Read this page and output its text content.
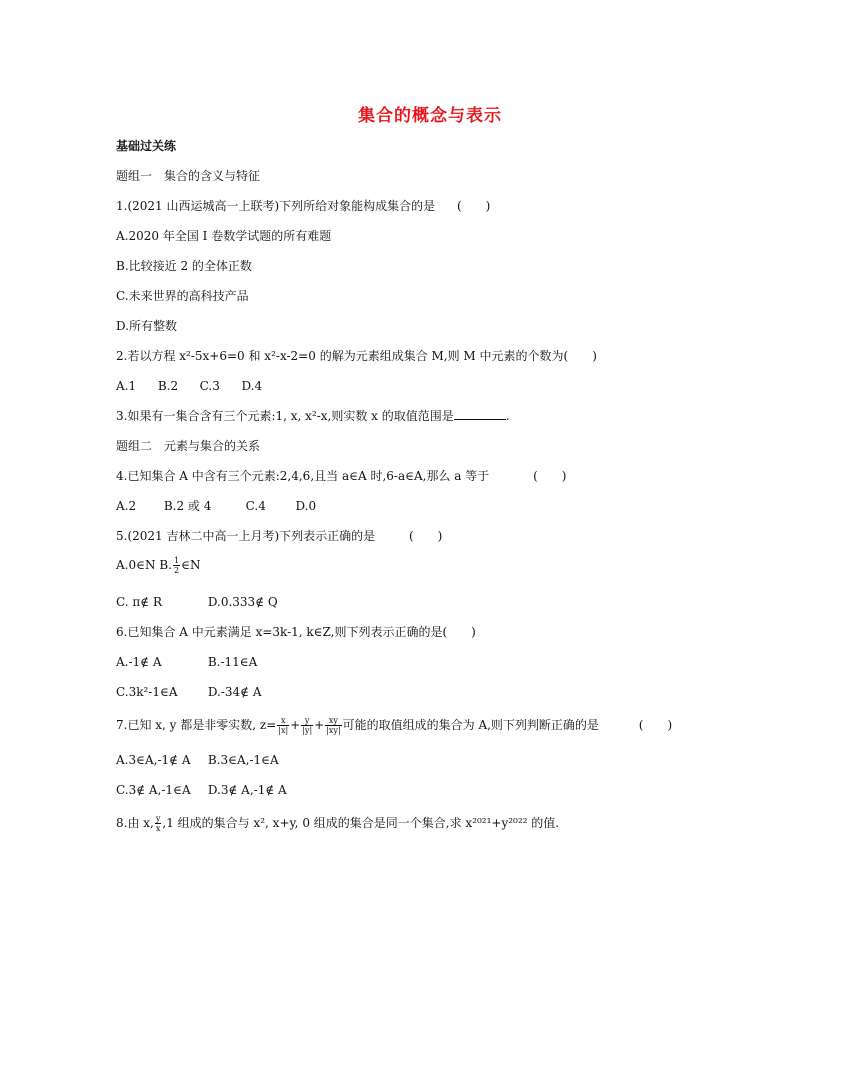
集合的概念与表示
基础过关练
题组一　集合的含义与特征
1.(2021 山西运城高一上联考)下列所给对象能构成集合的是 (　　)
A.2020 年全国 I 卷数学试题的所有难题
B.比较接近 2 的全体正数
C.未来世界的高科技产品
D.所有整数
2.若以方程 x²-5x+6=0 和 x²-x-2=0 的解为元素组成集合 M,则 M 中元素的个数为(　　)
A.1 B.2 C.3 D.4
3.如果有一集合含有三个元素:1, x, x²-x,则实数 x 的取值范围是	.
题组二　元素与集合的关系
4.已知集合 A 中含有三个元素:2,4,6,且当 a∈A 时,6-a∈A,那么 a 等于	(　　)
A.2 B.2 或 4	C.4 D.0
5.(2021 吉林二中高一上月考)下列表示正确的是	(　　)
A.0∈N B. $\frac{1}{2}$ ∈N
C. π∉ R	D.0.333∉ Q
6.已知集合 A 中元素满足 x=3k-1, k∈Z,则下列表示正确的是(　　)
A.-1∉ A	B.-11∈A
C.3k²-1∈A	D.-34∉ A
7.已知 x, y 都是非零实数, $z= \frac{x}{|x|} + \frac{y}{|y|} + \frac{xy}{|xy|}$ 可能的取值组成的集合为 A,则下列判断正确的是	(　　)
A.3∈A,-1∉ A B.3∈A,-1∈A
C.3∉ A,-1∈A D.3∉ A,-1∉ A
8.由 x, $\frac{y}{x} ,1$ 组成的集合与 x², x+y, 0 组成的集合是同一个集合,求 x²⁰²¹+y²⁰²² 的值.
